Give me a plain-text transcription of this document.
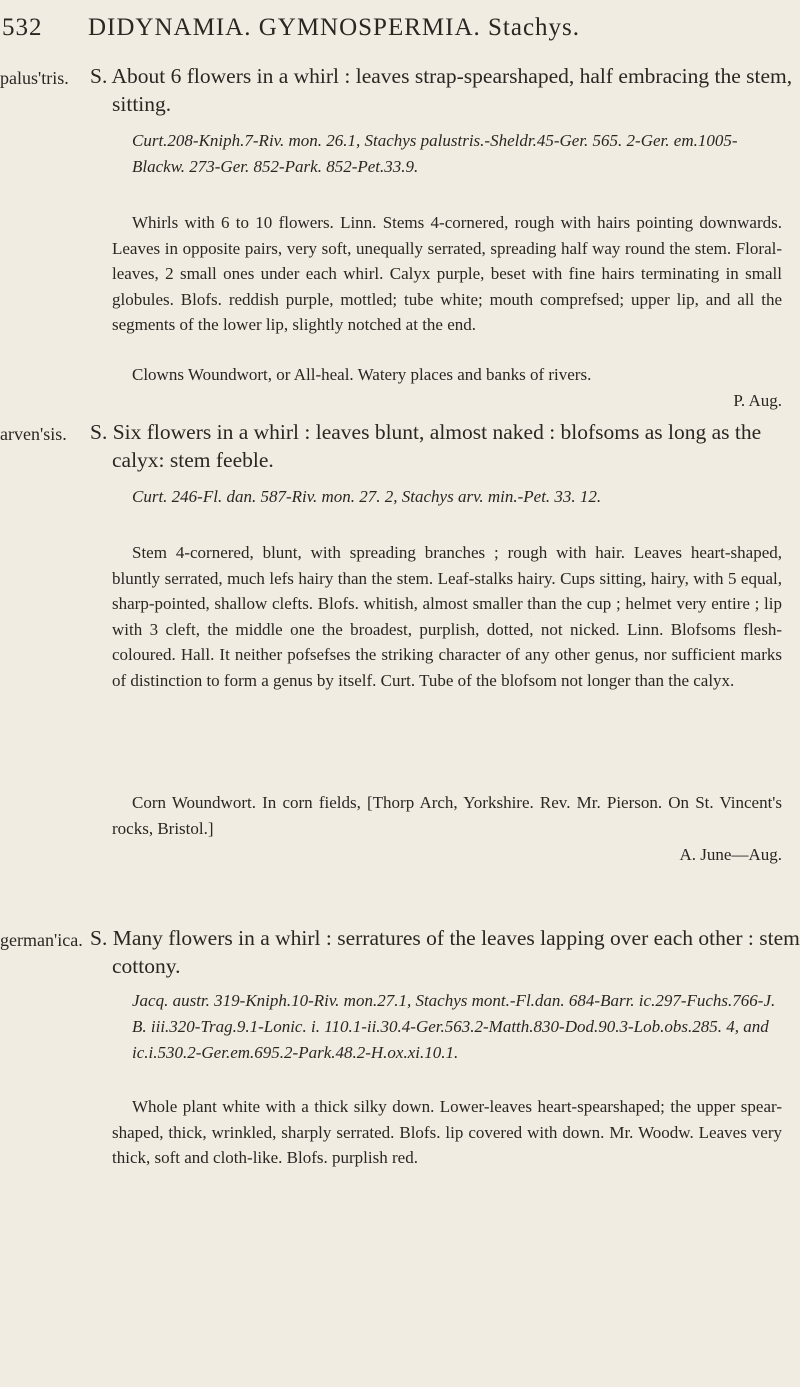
532 DIDYNAMIA. GYMNOSPERMIA. Stachys.
palus'tris. S. About 6 flowers in a whirl : leaves strap-spearshaped, half embracing the stem, sitting.
Curt.208-Kniph.7-Riv. mon. 26.1, Stachys palustris.-Sheldr.45-Ger. 565. 2-Ger. em.1005-Blackw. 273-Ger. 852-Park. 852-Pet.33.9.
Whirls with 6 to 10 flowers. Linn. Stems 4-cornered, rough with hairs pointing downwards. Leaves in opposite pairs, very soft, unequally serrated, spreading half way round the stem. Floral-leaves, 2 small ones under each whirl. Calyx purple, beset with fine hairs terminating in small globules. Blofs. reddish purple, mottled; tube white; mouth comprefsed; upper lip, and all the segments of the lower lip, slightly notched at the end.
Clowns Woundwort, or All-heal. Watery places and banks of rivers.
P. Aug.
arven'sis. S. Six flowers in a whirl : leaves blunt, almost naked : blofsoms as long as the calyx: stem feeble.
Curt. 246-Fl. dan. 587-Riv. mon. 27. 2, Stachys arv. min.-Pet. 33. 12.
Stem 4-cornered, blunt, with spreading branches ; rough with hair. Leaves heart-shaped, bluntly serrated, much lefs hairy than the stem. Leaf-stalks hairy. Cups sitting, hairy, with 5 equal, sharp-pointed, shallow clefts. Blofs. whitish, almost smaller than the cup ; helmet very entire ; lip with 3 cleft, the middle one the broadest, purplish, dotted, not nicked. Linn. Blofsoms flesh-coloured. Hall. It neither pofsefses the striking character of any other genus, nor sufficient marks of distinction to form a genus by itself. Curt. Tube of the blofsom not longer than the calyx.
Corn Woundwort. In corn fields, [Thorp Arch, Yorkshire. Rev. Mr. Pierson. On St. Vincent's rocks, Bristol.]
A. June—Aug.
german'ica. S. Many flowers in a whirl : serratures of the leaves lapping over each other : stem cottony.
Jacq. austr. 319-Kniph.10-Riv. mon.27.1, Stachys mont.-Fl.dan. 684-Barr. ic.297-Fuchs.766-J. B. iii.320-Trag.9.1-Lonic. i. 110.1-ii.30.4-Ger.563.2-Matth.830-Dod.90.3-Lob.obs.285. 4, and ic.i.530.2-Ger.em.695.2-Park.48.2-H.ox.xi.10.1.
Whole plant white with a thick silky down. Lower-leaves heart-spearshaped; the upper spear-shaped, thick, wrinkled, sharply serrated. Blofs. lip covered with down. Mr. Woodw. Leaves very thick, soft and cloth-like. Blofs. purplish red.
